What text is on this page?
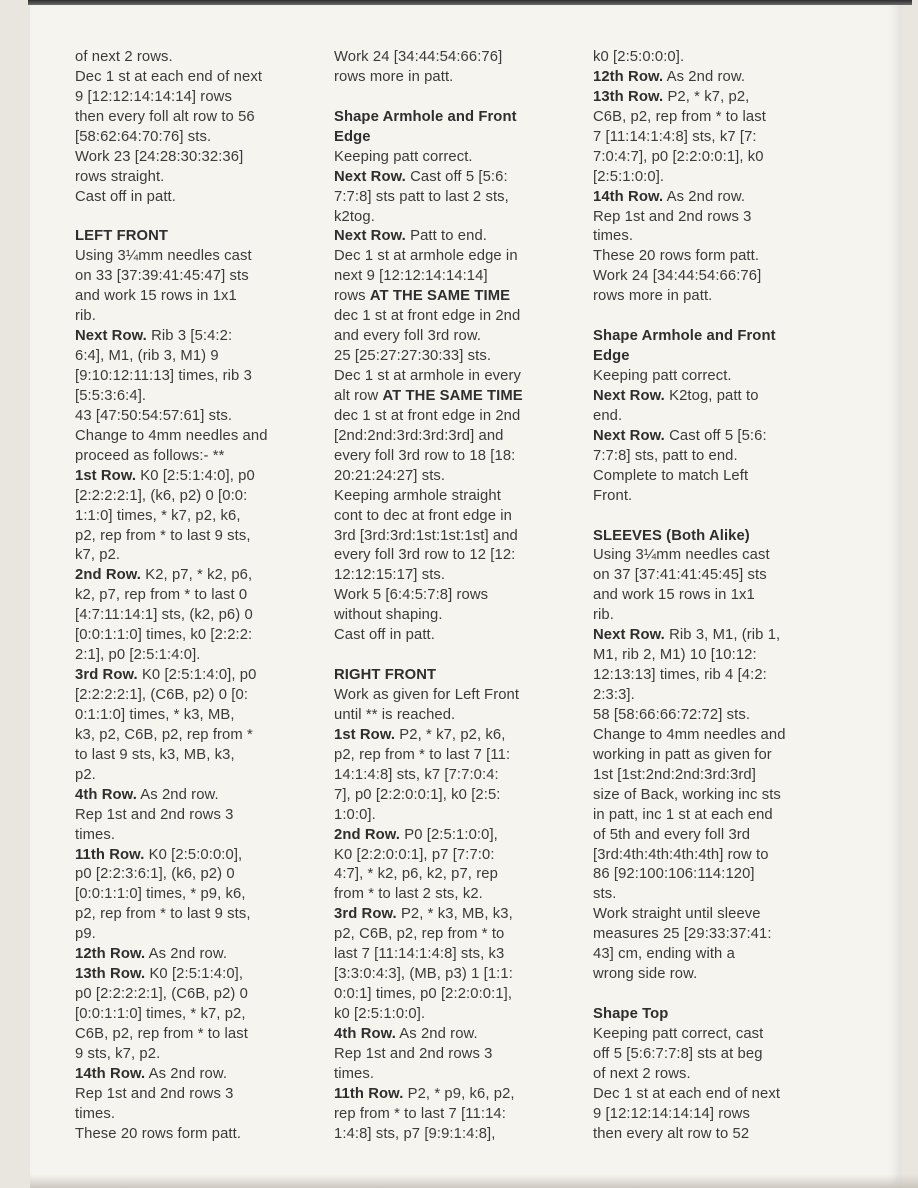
of next 2 rows.
Dec 1 st at each end of next
9 [12:12:14:14:14] rows
then every foll alt row to 56
[58:62:64:70:76] sts.
Work 23 [24:28:30:32:36]
rows straight.
Cast off in patt.
LEFT FRONT
Using 3¼mm needles cast
on 33 [37:39:41:45:47] sts
and work 15 rows in 1x1
rib.
Next Row. Rib 3 [5:4:2:
6:4], M1, (rib 3, M1) 9
[9:10:12:11:13] times, rib 3
[5:5:3:6:4].
43 [47:50:54:57:61] sts.
Change to 4mm needles and
proceed as follows:- **
1st Row. K0 [2:5:1:4:0], p0
[2:2:2:2:1], (k6, p2) 0 [0:0:
1:1:0] times, * k7, p2, k6,
p2, rep from * to last 9 sts,
k7, p2.
2nd Row. K2, p7, * k2, p6,
k2, p7, rep from * to last 0
[4:7:11:14:1] sts, (k2, p6) 0
[0:0:1:1:0] times, k0 [2:2:2:
2:1], p0 [2:5:1:4:0].
3rd Row. K0 [2:5:1:4:0], p0
[2:2:2:2:1], (C6B, p2) 0 [0:
0:1:1:0] times, * k3, MB,
k3, p2, C6B, p2, rep from *
to last 9 sts, k3, MB, k3,
p2.
4th Row. As 2nd row.
Rep 1st and 2nd rows 3
times.
11th Row. K0 [2:5:0:0:0],
p0 [2:2:3:6:1], (k6, p2) 0
[0:0:1:1:0] times, * p9, k6,
p2, rep from * to last 9 sts,
p9.
12th Row. As 2nd row.
13th Row. K0 [2:5:1:4:0],
p0 [2:2:2:2:1], (C6B, p2) 0
[0:0:1:1:0] times, * k7, p2,
C6B, p2, rep from * to last
9 sts, k7, p2.
14th Row. As 2nd row.
Rep 1st and 2nd rows 3
times.
These 20 rows form patt.
Work 24 [34:44:54:66:76]
rows more in patt.
Shape Armhole and Front
Edge
Keeping patt correct.
Next Row. Cast off 5 [5:6:
7:7:8] sts patt to last 2 sts,
k2tog.
Next Row. Patt to end.
Dec 1 st at armhole edge in
next 9 [12:12:14:14:14]
rows AT THE SAME TIME
dec 1 st at front edge in 2nd
and every foll 3rd row.
25 [25:27:27:30:33] sts.
Dec 1 st at armhole in every
alt row AT THE SAME TIME
dec 1 st at front edge in 2nd
[2nd:2nd:3rd:3rd:3rd] and
every foll 3rd row to 18 [18:
20:21:24:27] sts.
Keeping armhole straight
cont to dec at front edge in
3rd [3rd:3rd:1st:1st:1st] and
every foll 3rd row to 12 [12:
12:12:15:17] sts.
Work 5 [6:4:5:7:8] rows
without shaping.
Cast off in patt.
RIGHT FRONT
Work as given for Left Front
until ** is reached.
1st Row. P2, * k7, p2, k6,
p2, rep from * to last 7 [11:
14:1:4:8] sts, k7 [7:7:0:4:
7], p0 [2:2:0:0:1], k0 [2:5:
1:0:0].
2nd Row. P0 [2:5:1:0:0],
K0 [2:2:0:0:1], p7 [7:7:0:
4:7], * k2, p6, k2, p7, rep
from * to last 2 sts, k2.
3rd Row. P2, * k3, MB, k3,
p2, C6B, p2, rep from * to
last 7 [11:14:1:4:8] sts, k3
[3:3:0:4:3], (MB, p3) 1 [1:1:
0:0:1] times, p0 [2:2:0:0:1],
k0 [2:5:1:0:0].
4th Row. As 2nd row.
Rep 1st and 2nd rows 3
times.
11th Row. P2, * p9, k6, p2,
rep from * to last 7 [11:14:
1:4:8] sts, p7 [9:9:1:4:8],
k0 [2:5:0:0:0].
12th Row. As 2nd row.
13th Row. P2, * k7, p2,
C6B, p2, rep from * to last
7 [11:14:1:4:8] sts, k7 [7:
7:0:4:7], p0 [2:2:0:0:1], k0
[2:5:1:0:0].
14th Row. As 2nd row.
Rep 1st and 2nd rows 3
times.
These 20 rows form patt.
Work 24 [34:44:54:66:76]
rows more in patt.
Shape Armhole and Front
Edge
Keeping patt correct.
Next Row. K2tog, patt to
end.
Next Row. Cast off 5 [5:6:
7:7:8] sts, patt to end.
Complete to match Left
Front.
SLEEVES (Both Alike)
Using 3¼mm needles cast
on 37 [37:41:41:45:45] sts
and work 15 rows in 1x1
rib.
Next Row. Rib 3, M1, (rib 1,
M1, rib 2, M1) 10 [10:12:
12:13:13] times, rib 4 [4:2:
2:3:3].
58 [58:66:66:72:72] sts.
Change to 4mm needles and
working in patt as given for
1st [1st:2nd:2nd:3rd:3rd]
size of Back, working inc sts
in patt, inc 1 st at each end
of 5th and every foll 3rd
[3rd:4th:4th:4th:4th] row to
86 [92:100:106:114:120]
sts.
Work straight until sleeve
measures 25 [29:33:37:41:
43] cm, ending with a
wrong side row.
Shape Top
Keeping patt correct, cast
off 5 [5:6:7:7:8] sts at beg
of next 2 rows.
Dec 1 st at each end of next
9 [12:12:14:14:14] rows
then every alt row to 52
